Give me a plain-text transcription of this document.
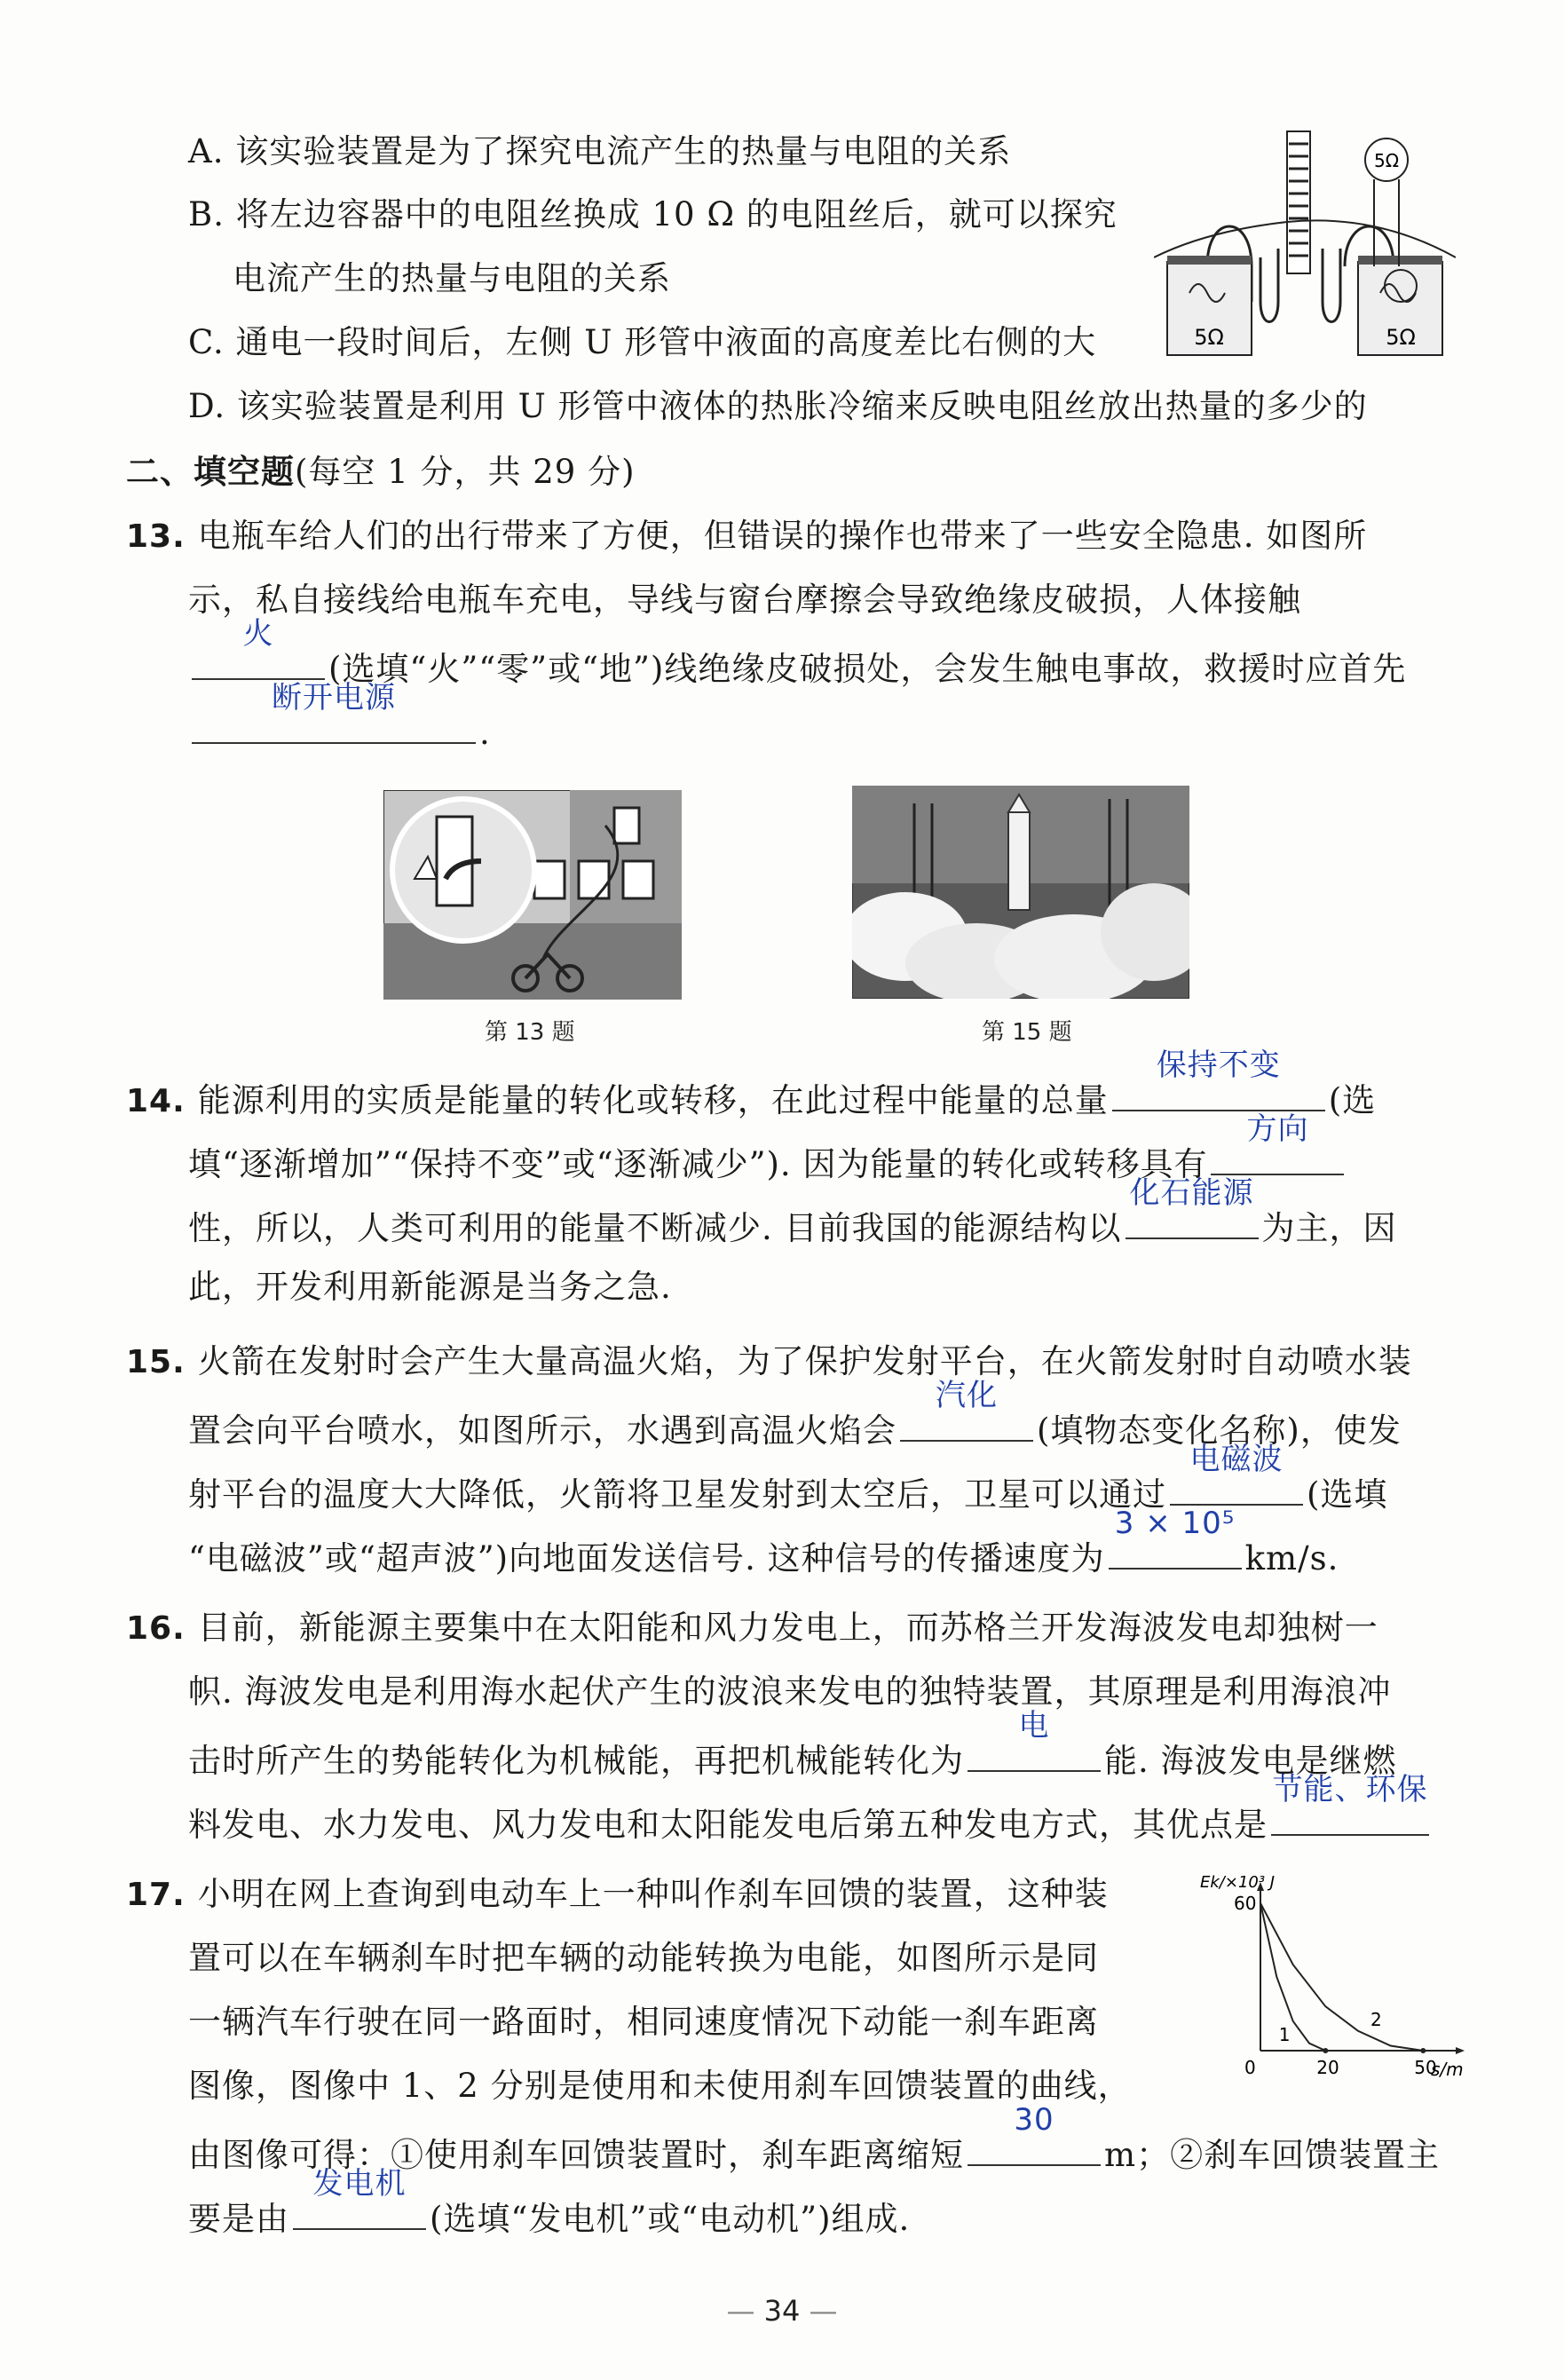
A. 该实验装置是为了探究电流产生的热量与电阻的关系
B. 将左边容器中的电阻丝换成 10 Ω 的电阻丝后，就可以探究
电流产生的热量与电阻的关系
C. 通电一段时间后，左侧 U 形管中液面的高度差比右侧的大
D. 该实验装置是利用 U 形管中液体的热胀冷缩来反映电阻丝放出热量的多少的
5Ω
5Ω	5Ω
二、填空题(每空 1 分，共 29 分)
13. 电瓶车给人们的出行带来了方便，但错误的操作也带来了一些安全隐患. 如图所
示，私自接线给电瓶车充电，导线与窗台摩擦会导致绝缘皮破损，人体接触
火
(选填“火”“零”或“地”)线绝缘皮破损处，会发生触电事故，救援时应首先
断开电源
.
第 13 题	第 15 题
14. 能源利用的实质是能量的转化或转移，在此过程中能量的总量
保持不变
(选
填“逐渐增加”“保持不变”或“逐渐减少”). 因为能量的转化或转移具有
方向
性，所以，人类可利用的能量不断减少. 目前我国的能源结构以
化石能源
为主，因
此，开发利用新能源是当务之急.
15. 火箭在发射时会产生大量高温火焰，为了保护发射平台，在火箭发射时自动喷水装
置会向平台喷水，如图所示，水遇到高温火焰会
汽化
(填物态变化名称)，使发
射平台的温度大大降低，火箭将卫星发射到太空后，卫星可以通过
电磁波
(选填
“电磁波”或“超声波”)向地面发送信号. 这种信号的传播速度为
3 × 10⁵
km/s.
16. 目前，新能源主要集中在太阳能和风力发电上，而苏格兰开发海波发电却独树一
帜. 海波发电是利用海水起伏产生的波浪来发电的独特装置，其原理是利用海浪冲
击时所产生的势能转化为机械能，再把机械能转化为
电
能. 海波发电是继燃
料发电、水力发电、风力发电和太阳能发电后第五种发电方式，其优点是
节能、环保
17. 小明在网上查询到电动车上一种叫作刹车回馈的装置，这种装
置可以在车辆刹车时把车辆的动能转换为电能，如图所示是同
一辆汽车行驶在同一路面时，相同速度情况下动能一刹车距离
图像，图像中 1、2 分别是使用和未使用刹车回馈装置的曲线，
由图像可得：①使用刹车回馈装置时，刹车距离缩短
30
m；②刹车回馈装置主
要是由
发电机
(选填“发电机”或“电动机”)组成.
Ek/×10³ J
s/m
1
2
0	20	50
60
— 34 —
